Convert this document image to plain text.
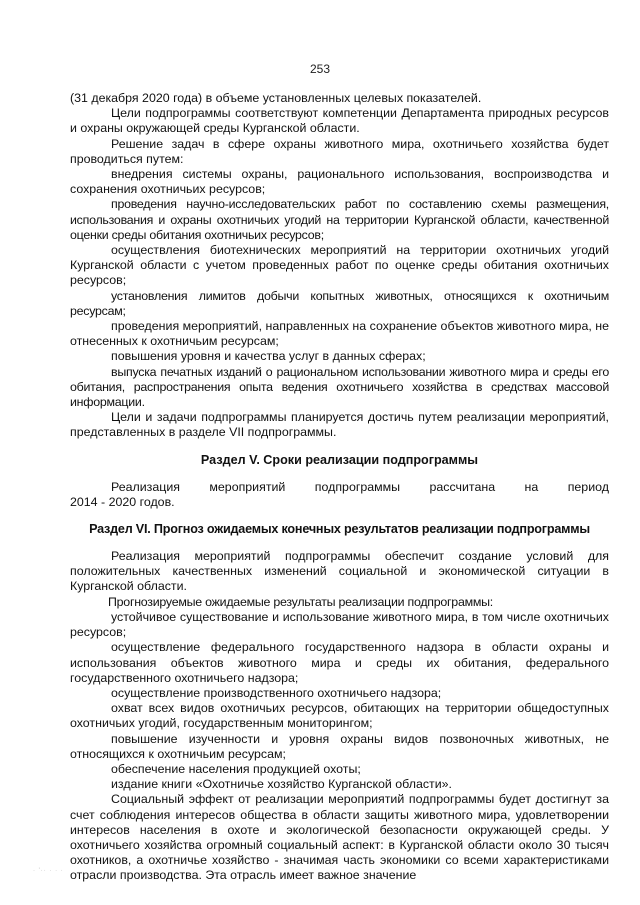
253

(31 декабря 2020 года) в объеме установленных целевых показателей.

Цели подпрограммы соответствуют компетенции Департамента природных ресурсов и охраны окружающей среды Курганской области.

Решение задач в сфере охраны животного мира, охотничьего хозяйства будет проводиться путем:

внедрения системы охраны, рационального использования, воспроизводства и сохранения охотничьих ресурсов;

проведения научно-исследовательских работ по составлению схемы размещения, использования и охраны охотничьих угодий на территории Курганской области, качественной оценки среды обитания охотничьих ресурсов;

осуществления биотехнических мероприятий на территории охотничьих угодий Курганской области с учетом проведенных работ по оценке среды обитания охотничьих ресурсов;

установления лимитов добычи копытных животных, относящихся к охотничьим ресурсам;

проведения мероприятий, направленных на сохранение объектов животного мира, не отнесенных к охотничьим ресурсам;

повышения уровня и качества услуг в данных сферах;

выпуска печатных изданий о рациональном использовании животного мира и среды его обитания, распространения опыта ведения охотничьего хозяйства в средствах массовой информации.

Цели и задачи подпрограммы планируется достичь путем реализации мероприятий, представленных в разделе VII подпрограммы.

Раздел V. Сроки реализации подпрограммы
Реализация мероприятий подпрограммы рассчитана на период

2014 - 2020 годов.

Раздел VI. Прогноз ожидаемых конечных результатов реализации подпрограммы

Реализация мероприятий подпрограммы обеспечит создание условий для положительных качественных изменений социальной и экономической ситуации в Курганской области.

Прогнозируемые ожидаемые результаты реализации подпрограммы:

устойчивое существование и использование животного мира, в том числе охотничьих ресурсов;

осуществление федерального государственного надзора в области охраны и использования объектов животного мира и среды их обитания, федерального государственного охотничьего надзора;

осуществление производственного охотничьего надзора;

охват всех видов охотничьих ресурсов, обитающих на территории общедоступных охотничьих угодий, государственным мониторингом;

повышение изученности и уровня охраны видов позвоночных животных, не относящихся к охотничьим ресурсам;

обеспечение населения продукцией охоты;

издание книги «Охотничье хозяйство Курганской области».

Социальный эффект от реализации мероприятий подпрограммы будет достигнут за счет соблюдения интересов общества в области защиты животного мира, удовлетворении интересов населения в охоте и экологической безопасности окружающей среды. У охотничьего хозяйства огромный социальный аспект: в Курганской области около 30 тысяч охотников, а охотничье хозяйство - значимая часть экономики со всеми характеристиками отрасли производства. Эта отрасль имеет важное значение

· '·· · · ·
